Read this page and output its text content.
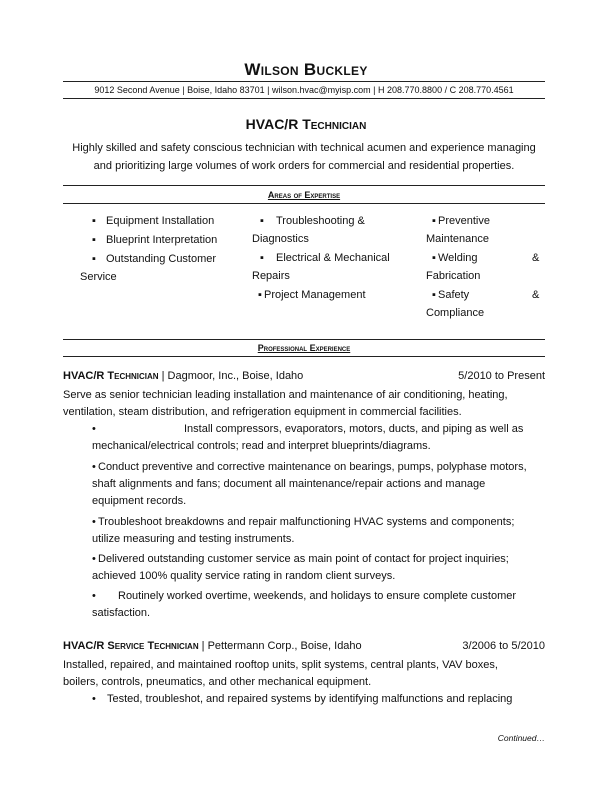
Wilson Buckley
9012 Second Avenue | Boise, Idaho 83701 | wilson.hvac@myisp.com | H 208.770.8800 / C 208.770.4561
HVAC/R Technician
Highly skilled and safety conscious technician with technical acumen and experience managing
and prioritizing large volumes of work orders for commercial and residential properties.
Areas of Expertise
▪ Equipment Installation
▪ Blueprint Interpretation
▪ Outstanding Customer
Service
▪ Troubleshooting &
Diagnostics
▪ Electrical & Mechanical
Repairs
▪ Project Management
▪ Preventive
Maintenance
▪ Welding	&
Fabrication
▪ Safety	&
Compliance
Professional Experience
HVAC/R Technician | Dagmoor, Inc., Boise, Idaho	5/2010 to Present
Serve as senior technician leading installation and maintenance of air conditioning, heating,
ventilation, steam distribution, and refrigeration equipment in commercial facilities.
•	Install compressors, evaporators, motors, ducts, and piping as well as
mechanical/electrical controls; read and interpret blueprints/diagrams.
• Conduct preventive and corrective maintenance on bearings, pumps, polyphase motors,
shaft alignments and fans; document all maintenance/repair actions and manage
equipment records.
• Troubleshoot breakdowns and repair malfunctioning HVAC systems and components;
utilize measuring and testing instruments.
• Delivered outstanding customer service as main point of contact for project inquiries;
achieved 100% quality service rating in random client surveys.
• Routinely worked overtime, weekends, and holidays to ensure complete customer
satisfaction.
HVAC/R Service Technician | Pettermann Corp., Boise, Idaho	3/2006 to 5/2010
Installed, repaired, and maintained rooftop units, split systems, central plants, VAV boxes,
boilers, controls, pneumatics, and other mechanical equipment.
• Tested, troubleshot, and repaired systems by identifying malfunctions and replacing
Continued…
